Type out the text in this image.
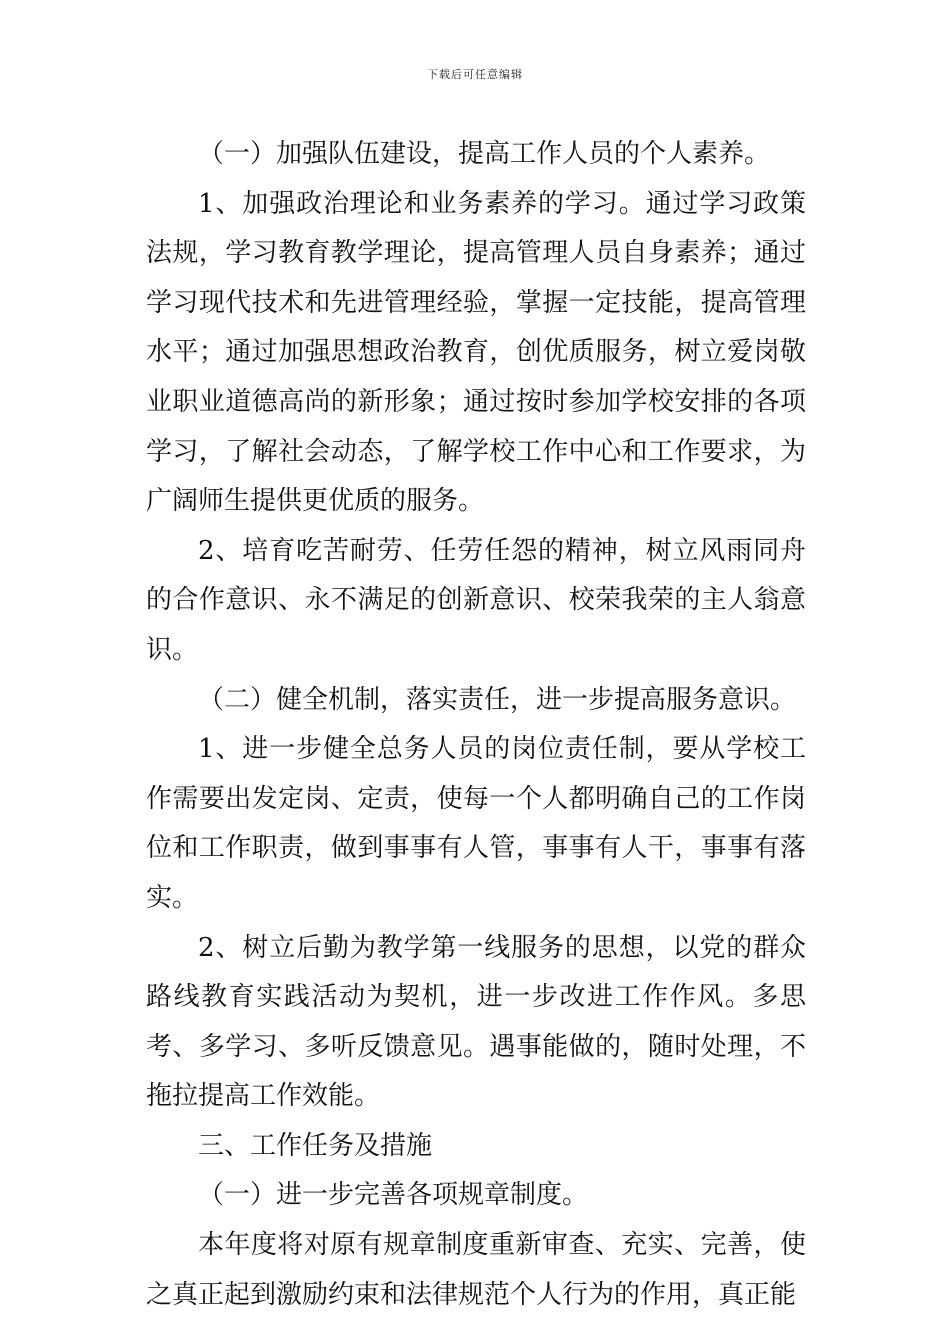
下载后可任意编辑

（一）加强队伍建设，提高工作人员的个人素养。

1、加强政治理论和业务素养的学习。通过学习政策法规，学习教育教学理论，提高管理人员自身素养；通过学习现代技术和先进管理经验，掌握一定技能，提高管理水平；通过加强思想政治教育，创优质服务，树立爱岗敬业职业道德高尚的新形象；通过按时参加学校安排的各项学习，了解社会动态，了解学校工作中心和工作要求，为广阔师生提供更优质的服务。

2、培育吃苦耐劳、任劳任怨的精神，树立风雨同舟的合作意识、永不满足的创新意识、校荣我荣的主人翁意识。

（二）健全机制，落实责任，进一步提高服务意识。

1、进一步健全总务人员的岗位责任制，要从学校工作需要出发定岗、定责，使每一个人都明确自己的工作岗位和工作职责，做到事事有人管，事事有人干，事事有落实。

2、树立后勤为教学第一线服务的思想，以党的群众路线教育实践活动为契机，进一步改进工作作风。多思考、多学习、多听反馈意见。遇事能做的，随时处理，不拖拉提高工作效能。

三、工作任务及措施

（一）进一步完善各项规章制度。

本年度将对原有规章制度重新审查、充实、完善，使之真正起到激励约束和法律规范个人行为的作用，真正能
